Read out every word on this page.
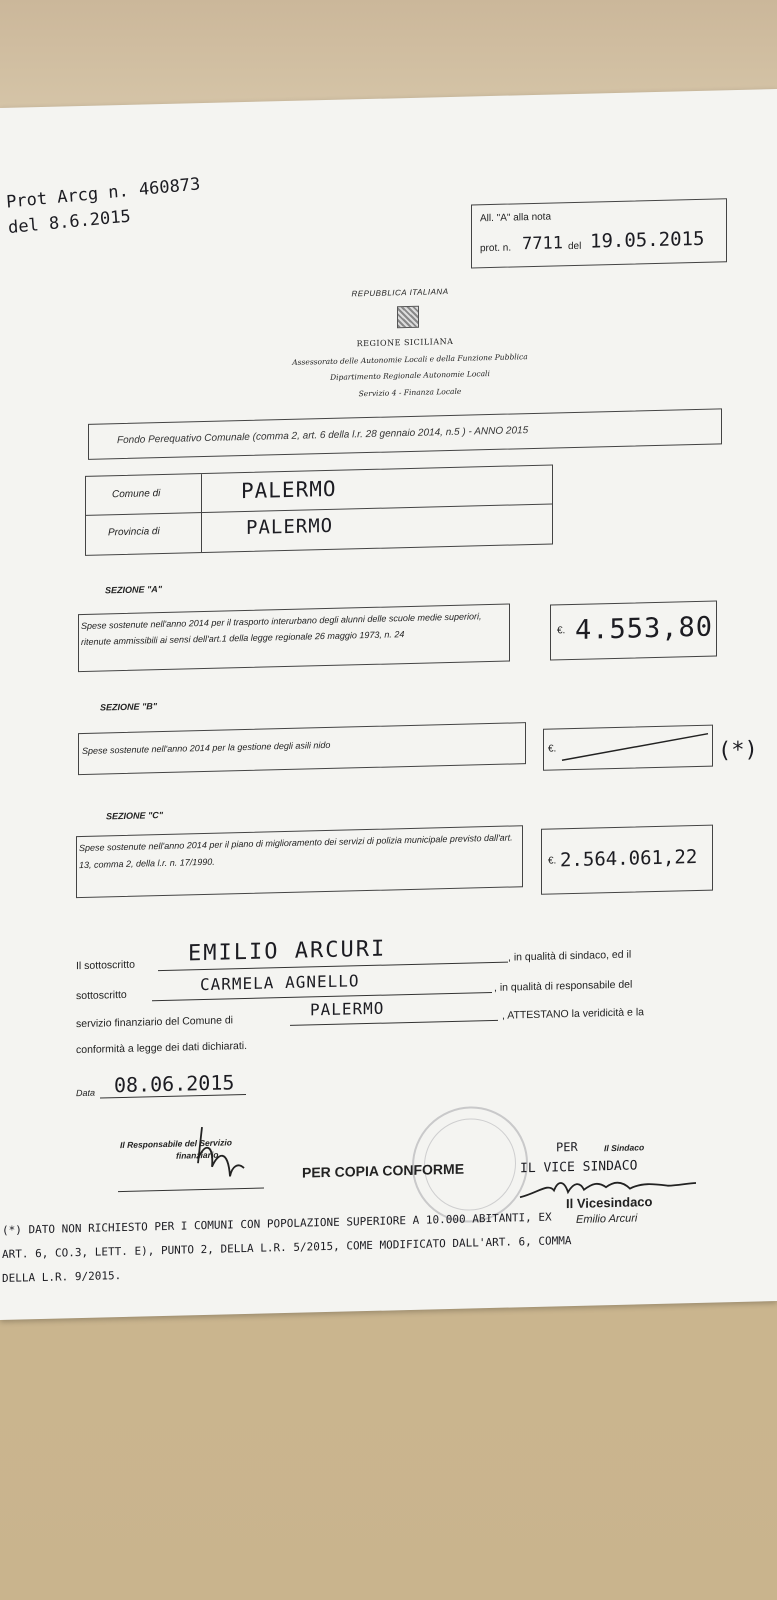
Prot Arcg n. 460873
del 8.6.2015	All. "A" alla nota
prot. n. 7711 del 19.05.2015
REPUBBLICA ITALIANA
REGIONE SICILIANA
Assessorato delle Autonomie Locali e della Funzione Pubblica
Dipartimento Regionale Autonomie Locali
Servizio 4 - Finanza Locale
Fondo Perequativo Comunale (comma 2, art. 6 della l.r. 28 gennaio 2014, n.5 ) - ANNO 2015
Comune di	PALERMO
Provincia di	PALERMO
SEZIONE "A"
Spese sostenute nell'anno 2014 per il trasporto interurbano degli alunni delle scuole medie superiori, ritenute ammissibili ai sensi dell'art.1 della legge regionale 26 maggio 1973, n. 24	€. 4.553,80
SEZIONE "B"
Spese sostenute nell'anno 2014 per la gestione degli asili nido	€.	(*)
SEZIONE "C"
Spese sostenute nell'anno 2014 per il piano di miglioramento dei servizi di polizia municipale previsto dall'art. 13, comma 2, della l.r. n. 17/1990.	€. 2.564.061,22
Il sottoscritto EMILIO ARCURI	, in qualità di sindaco, ed il
sottoscritto
CARMELA AGNELLO	, in qualità di responsabile del
servizio finanziario del Comune di
PALERMO	, ATTESTANO la veridicità e la
conformità a legge dei dati dichiarati.
Data 08.06.2015
Il Responsabile del Servizio
finanziario
PER COPIA CONFORME
PER	Il Sindaco
IL VICE SINDACO
Il Vicesindaco
Emilio Arcuri
(*) DATO NON RICHIESTO PER I COMUNI CON POPOLAZIONE SUPERIORE A 10.000 ABITANTI, EX
ART. 6, CO.3, LETT. E), PUNTO 2, DELLA L.R. 5/2015, COME MODIFICATO DALL'ART. 6, COMMA
DELLA L.R. 9/2015.
